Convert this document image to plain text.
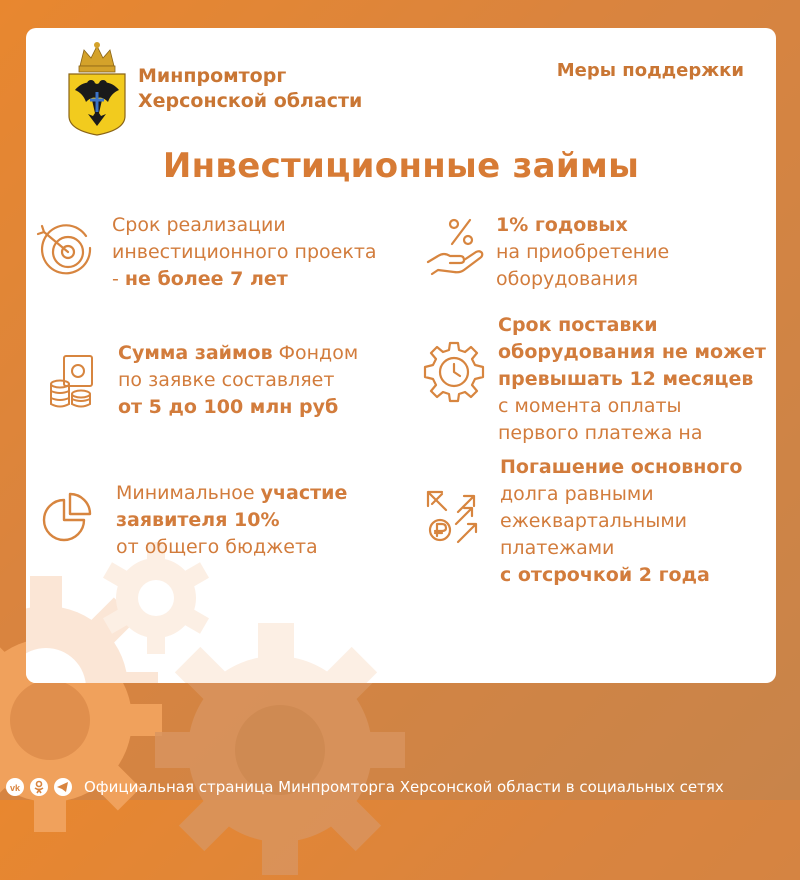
Минпромторг
Херсонской области
Меры поддержки
Инвестиционные займы
Срок реализации
инвестиционного проекта
- не более 7 лет
1% годовых
на приобретение
оборудования
Сумма займов Фондом
по заявке составляет
от 5 до 100 млн руб
Срок поставки
оборудования не может
превышать 12 месяцев
с момента оплаты
первого платежа на
Минимальное участие
заявителя 10%
от общего бюджета
Погашение основного
долга равными
ежеквартальными
платежами
с отсрочкой 2 года
vk	Официальная страница Минпромторга Херсонской области в социальных сетях
